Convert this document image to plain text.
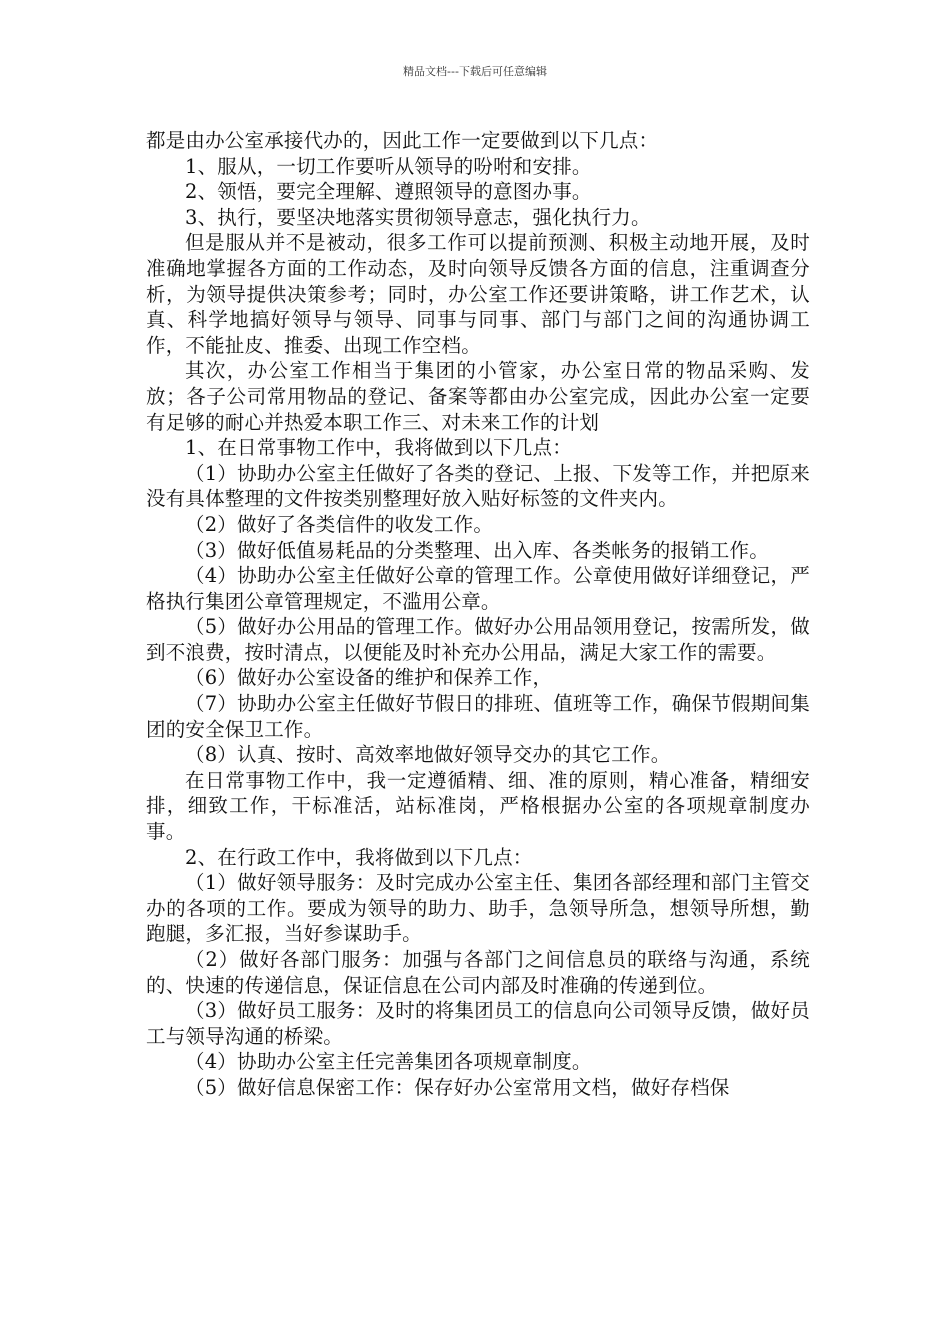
精品文档---下载后可任意编辑

都是由办公室承接代办的，因此工作一定要做到以下几点：

1、服从，一切工作要听从领导的吩咐和安排。

2、领悟，要完全理解、遵照领导的意图办事。

3、执行，要坚决地落实贯彻领导意志，强化执行力。

但是服从并不是被动，很多工作可以提前预测、积极主动地开展，及时准确地掌握各方面的工作动态，及时向领导反馈各方面的信息，注重调查分析，为领导提供决策参考；同时，办公室工作还要讲策略，讲工作艺术，认真、科学地搞好领导与领导、同事与同事、部门与部门之间的沟通协调工作，不能扯皮、推委、出现工作空档。

其次，办公室工作相当于集团的小管家，办公室日常的物品采购、发放；各子公司常用物品的登记、备案等都由办公室完成，因此办公室一定要有足够的耐心并热爱本职工作三、对未来工作的计划

1、在日常事物工作中，我将做到以下几点：

（1）协助办公室主任做好了各类的登记、上报、下发等工作，并把原来没有具体整理的文件按类别整理好放入贴好标签的文件夹内。

（2）做好了各类信件的收发工作。

（3）做好低值易耗品的分类整理、出入库、各类帐务的报销工作。

（4）协助办公室主任做好公章的管理工作。公章使用做好详细登记，严格执行集团公章管理规定，不滥用公章。

（5）做好办公用品的管理工作。做好办公用品领用登记，按需所发，做到不浪费，按时清点，以便能及时补充办公用品，满足大家工作的需要。

（6）做好办公室设备的维护和保养工作，

（7）协助办公室主任做好节假日的排班、值班等工作，确保节假期间集团的安全保卫工作。

（8）认真、按时、高效率地做好领导交办的其它工作。

在日常事物工作中，我一定遵循精、细、准的原则，精心准备，精细安排，细致工作，干标准活，站标准岗，严格根据办公室的各项规章制度办事。

2、在行政工作中，我将做到以下几点：

（1）做好领导服务：及时完成办公室主任、集团各部经理和部门主管交办的各项的工作。要成为领导的助力、助手，急领导所急，想领导所想，勤跑腿，多汇报，当好参谋助手。

（2）做好各部门服务：加强与各部门之间信息员的联络与沟通，系统的、快速的传递信息，保证信息在公司内部及时准确的传递到位。

（3）做好员工服务：及时的将集团员工的信息向公司领导反馈，做好员工与领导沟通的桥梁。

（4）协助办公室主任完善集团各项规章制度。

（5）做好信息保密工作：保存好办公室常用文档，做好存档保
